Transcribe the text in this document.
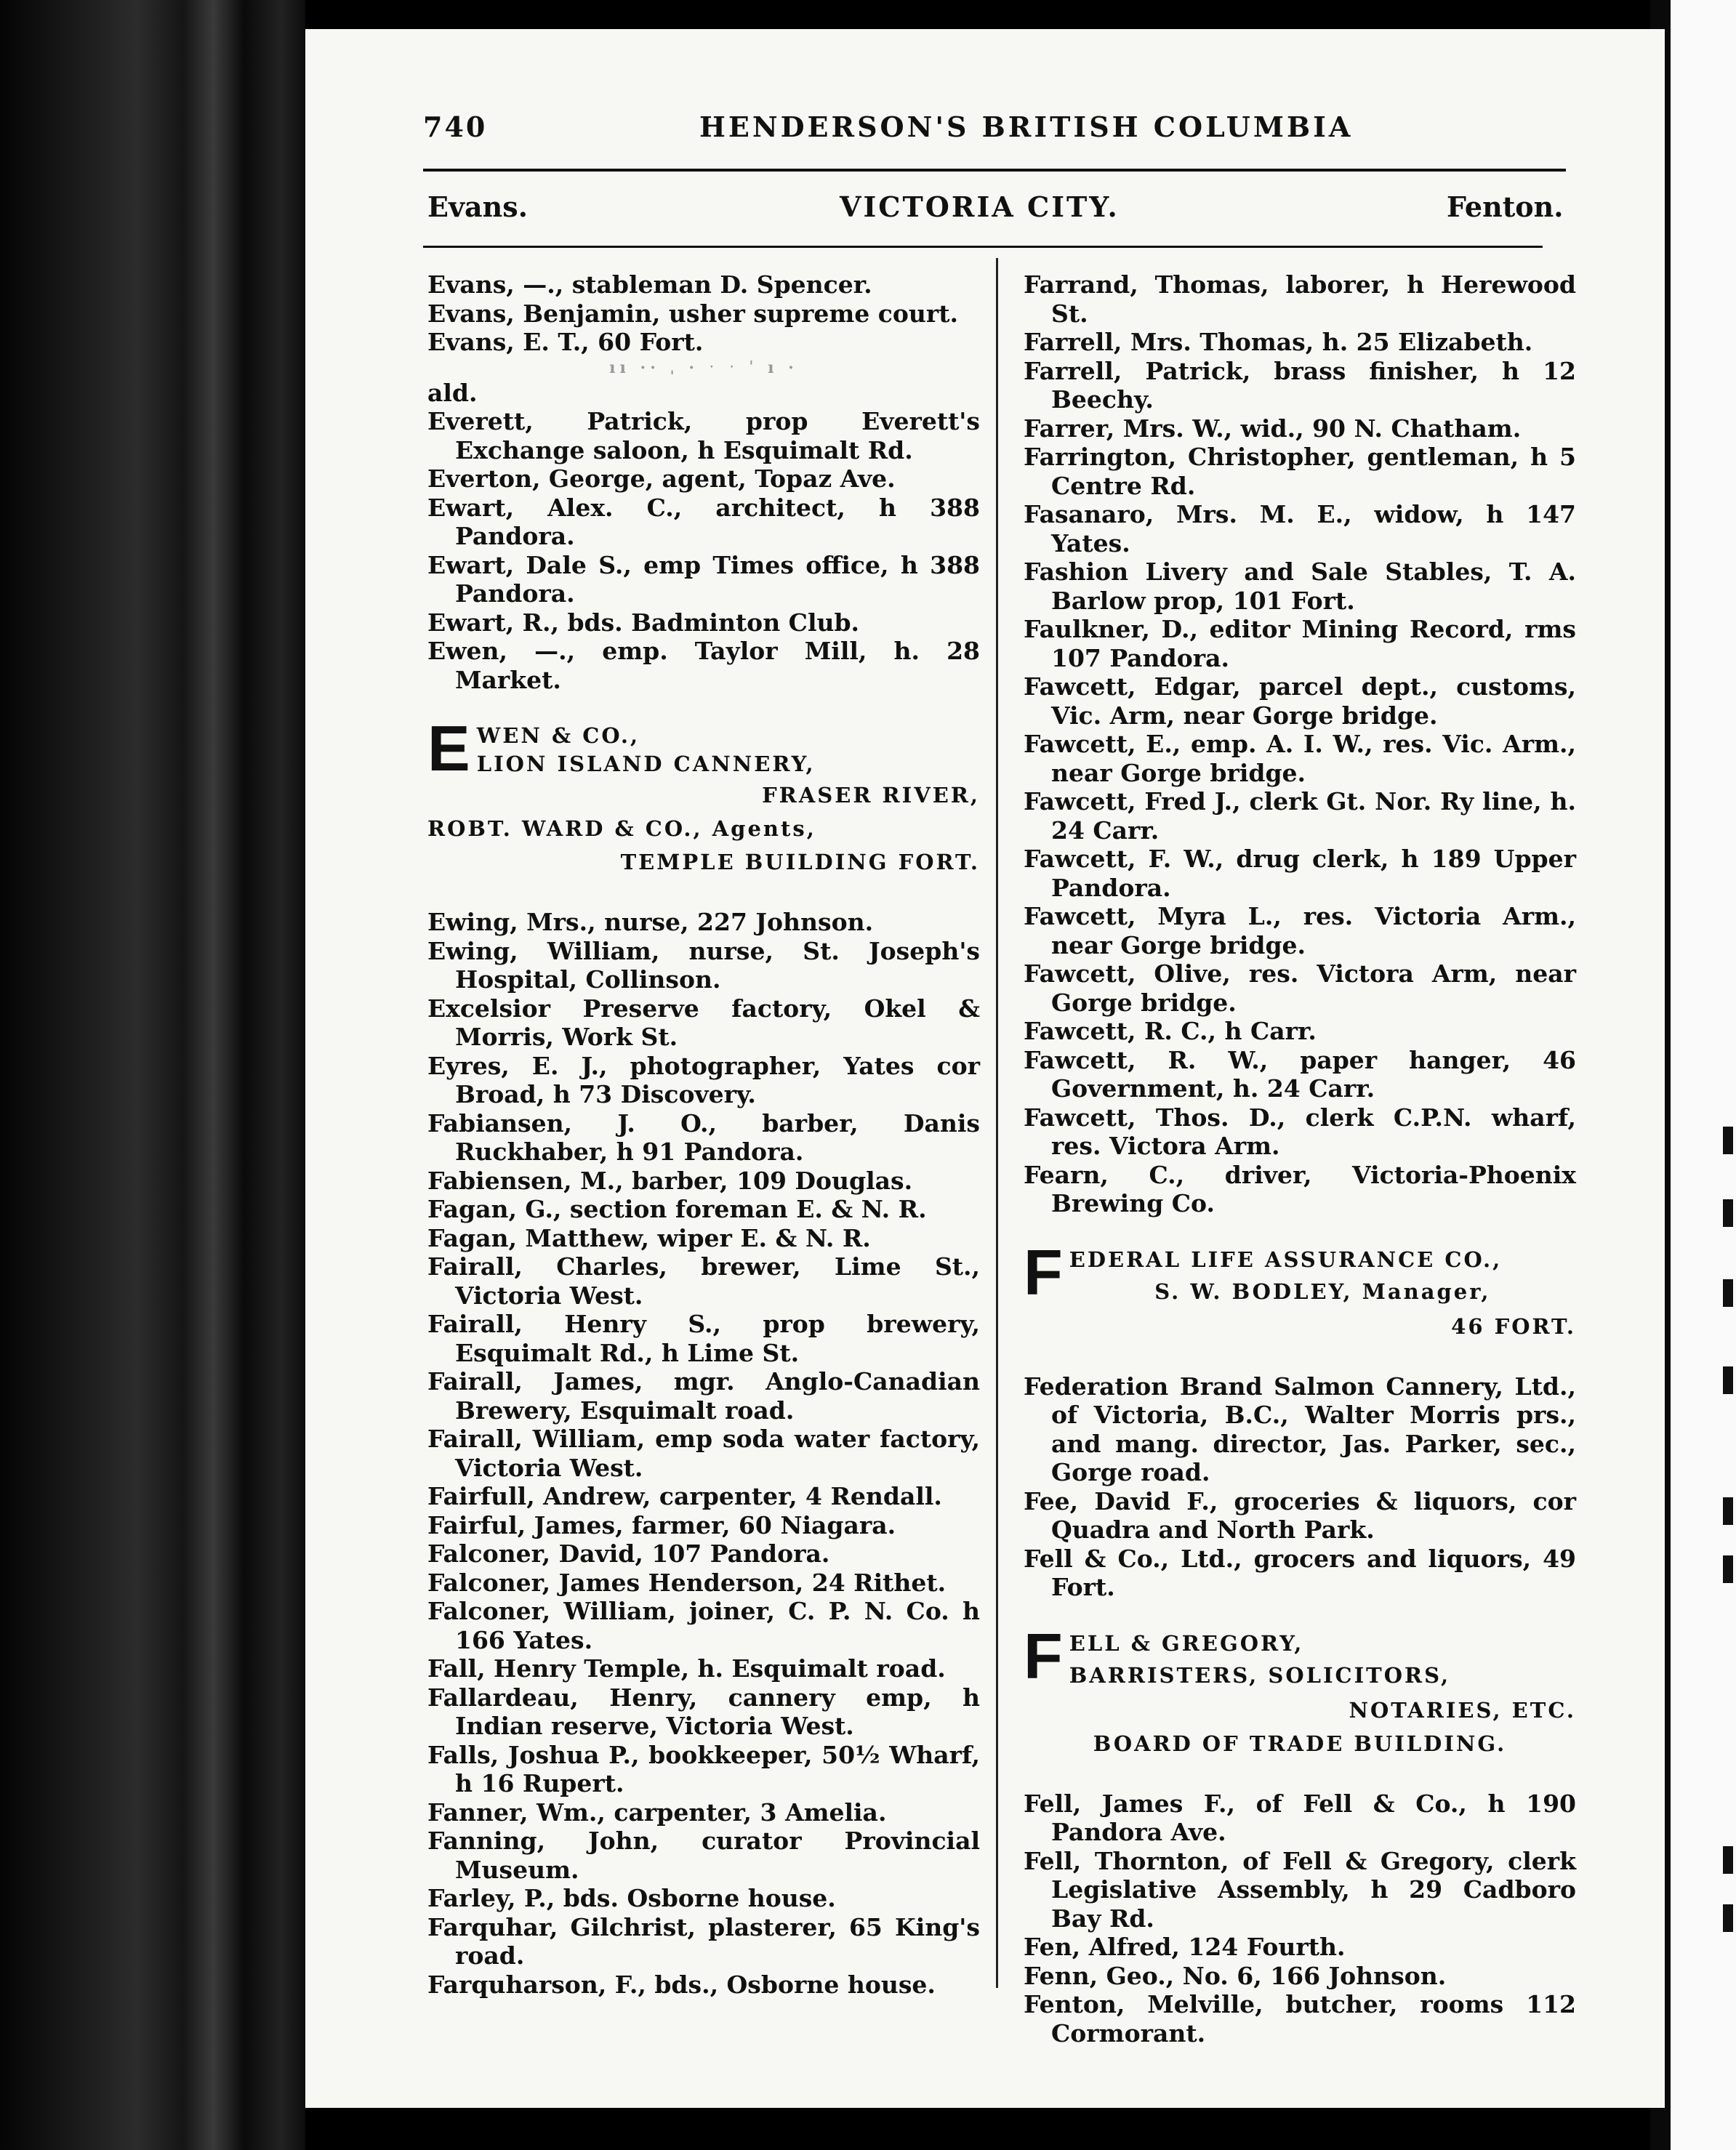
740	HENDERSON'S BRITISH COLUMBIA
Evans.	VICTORIA CITY.	Fenton.

Evans, —., stableman D. Spencer.

Evans, Benjamin, usher supreme court.

Evans, E. T., 60 Fort.

ıı ·· ˌ · ˑ ˑ ˈ ı ·

ald.

Everett, Patrick, prop Everett's Exchange saloon, h Esquimalt Rd.

Everton, George, agent, Topaz Ave.

Ewart, Alex. C., architect, h 388 Pandora.

Ewart, Dale S., emp Times office, h 388 Pandora.

Ewart, R., bds. Badminton Club.

Ewen, —., emp. Taylor Mill, h. 28 Market.

E WEN & CO.,
LION ISLAND CANNERY,
FRASER RIVER,
ROBT. WARD & CO., Agents,
TEMPLE BUILDING FORT.

Ewing, Mrs., nurse, 227 Johnson.

Ewing, William, nurse, St. Joseph's Hospital, Collinson.

Excelsior Preserve factory, Okel & Morris, Work St.

Eyres, E. J., photographer, Yates cor Broad, h 73 Discovery.

Fabiansen, J. O., barber, Danis Ruckhaber, h 91 Pandora.

Fabiensen, M., barber, 109 Douglas.

Fagan, G., section foreman E. & N. R.

Fagan, Matthew, wiper E. & N. R.

Fairall, Charles, brewer, Lime St., Victoria West.

Fairall, Henry S., prop brewery, Esquimalt Rd., h Lime St.

Fairall, James, mgr. Anglo-Canadian Brewery, Esquimalt road.

Fairall, William, emp soda water factory, Victoria West.

Fairfull, Andrew, carpenter, 4 Rendall.

Fairful, James, farmer, 60 Niagara.

Falconer, David, 107 Pandora.

Falconer, James Henderson, 24 Rithet.

Falconer, William, joiner, C. P. N. Co. h 166 Yates.

Fall, Henry Temple, h. Esquimalt road.

Fallardeau, Henry, cannery emp, h Indian reserve, Victoria West.

Falls, Joshua P., bookkeeper, 50½ Wharf, h 16 Rupert.

Fanner, Wm., carpenter, 3 Amelia.

Fanning, John, curator Provincial Museum.

Farley, P., bds. Osborne house.

Farquhar, Gilchrist, plasterer, 65 King's road.

Farquharson, F., bds., Osborne house.

Farrand, Thomas, laborer, h Herewood St.

Farrell, Mrs. Thomas, h. 25 Elizabeth.

Farrell, Patrick, brass finisher, h 12 Beechy.

Farrer, Mrs. W., wid., 90 N. Chatham.

Farrington, Christopher, gentleman, h 5 Centre Rd.

Fasanaro, Mrs. M. E., widow, h 147 Yates.

Fashion Livery and Sale Stables, T. A. Barlow prop, 101 Fort.

Faulkner, D., editor Mining Record, rms 107 Pandora.

Fawcett, Edgar, parcel dept., customs, Vic. Arm, near Gorge bridge.

Fawcett, E., emp. A. I. W., res. Vic. Arm., near Gorge bridge.

Fawcett, Fred J., clerk Gt. Nor. Ry line, h. 24 Carr.

Fawcett, F. W., drug clerk, h 189 Upper Pandora.

Fawcett, Myra L., res. Victoria Arm., near Gorge bridge.

Fawcett, Olive, res. Victora Arm, near Gorge bridge.

Fawcett, R. C., h Carr.

Fawcett, R. W., paper hanger, 46 Government, h. 24 Carr.

Fawcett, Thos. D., clerk C.P.N. wharf, res. Victora Arm.

Fearn, C., driver, Victoria-Phoenix Brewing Co.

F EDERAL LIFE ASSURANCE CO.,
S. W. BODLEY, Manager,
46 FORT.

Federation Brand Salmon Cannery, Ltd., of Victoria, B.C., Walter Morris prs., and mang. director, Jas. Parker, sec., Gorge road.

Fee, David F., groceries & liquors, cor Quadra and North Park.

Fell & Co., Ltd., grocers and liquors, 49 Fort.

F ELL & GREGORY,
BARRISTERS, SOLICITORS,
NOTARIES, ETC.
BOARD OF TRADE BUILDING.

Fell, James F., of Fell & Co., h 190 Pandora Ave.

Fell, Thornton, of Fell & Gregory, clerk Legislative Assembly, h 29 Cadboro Bay Rd.

Fen, Alfred, 124 Fourth.

Fenn, Geo., No. 6, 166 Johnson.

Fenton, Melville, butcher, rooms 112 Cormorant.
